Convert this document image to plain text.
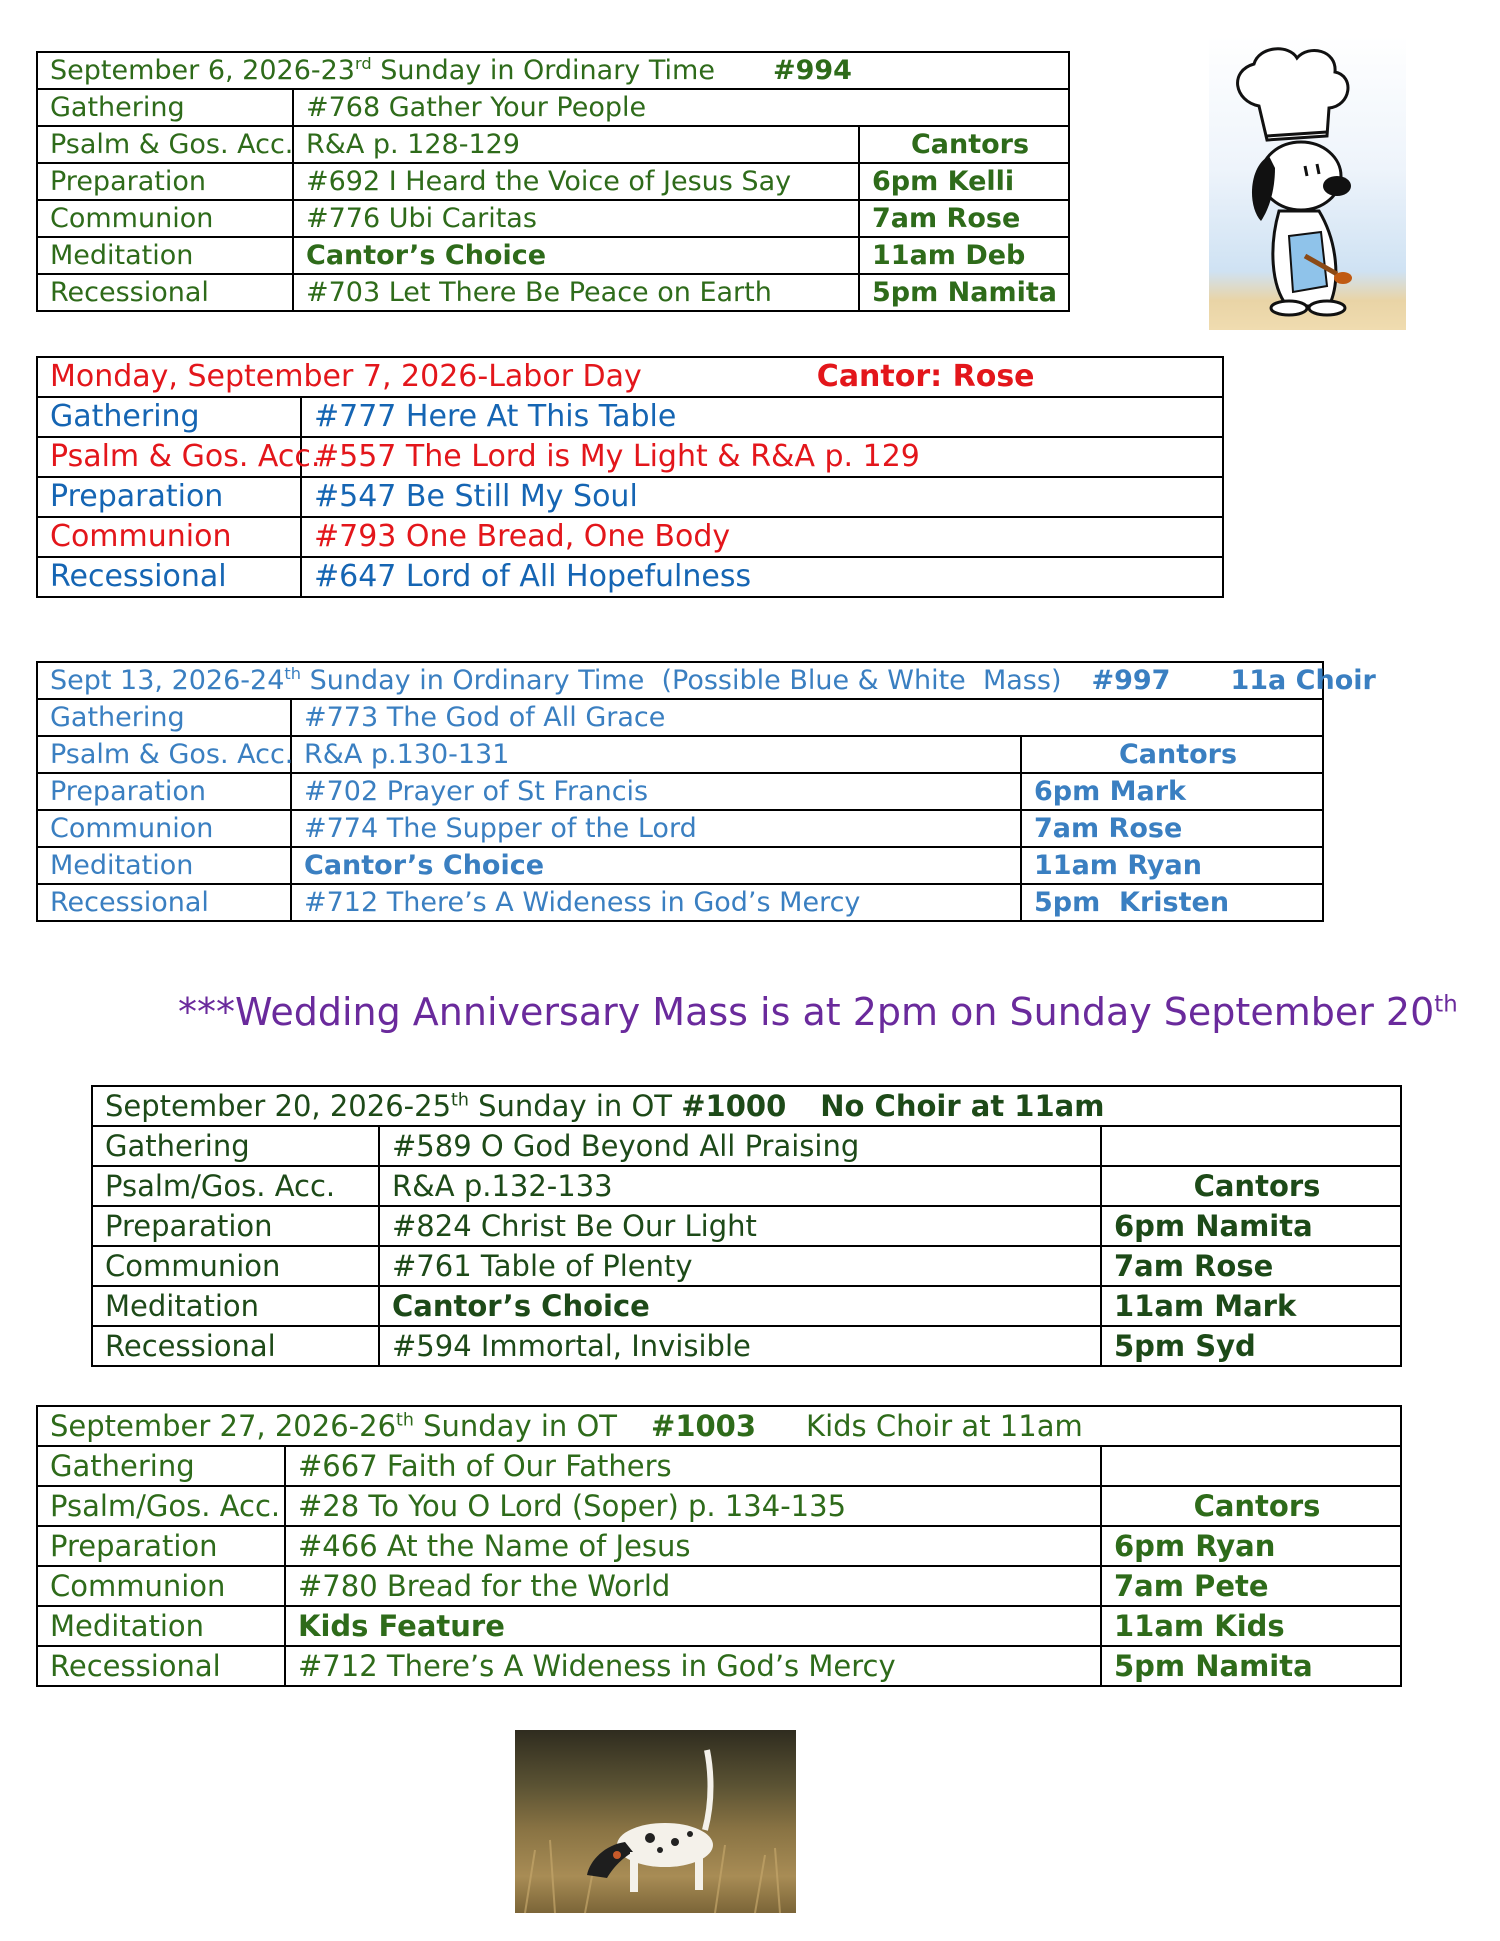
September 6, 2026-23rd Sunday in Ordinary Time #994		
Gathering	#768 Gather Your People	
Psalm & Gos. Acc.	R&A p. 128-129	Cantors
Preparation	#692 I Heard the Voice of Jesus Say	6pm Kelli
Communion	#776 Ubi Caritas	7am Rose
Meditation	Cantor’s Choice	11am Deb
Recessional	#703 Let There Be Peace on Earth	5pm Namita
Monday, September 7, 2026-Labor Day Cantor: Rose	
Gathering	#777 Here At This Table
Psalm & Gos. Acc.	#557 The Lord is My Light & R&A p. 129
Preparation	#547 Be Still My Soul
Communion	#793 One Bread, One Body
Recessional	#647 Lord of All Hopefulness
Sept 13, 2026-24th Sunday in Ordinary Time  (Possible Blue & White  Mass) #997 11a Choir		
Gathering	#773 The God of All Grace	
Psalm & Gos. Acc.	R&A p.130-131	Cantors
Preparation	#702 Prayer of St Francis	6pm Mark
Communion	#774 The Supper of the Lord	7am Rose
Meditation	Cantor’s Choice	11am Ryan
Recessional	#712 There’s A Wideness in God’s Mercy	5pm  Kristen
***Wedding Anniversary Mass is at 2pm on Sunday September 20th
September 20, 2026-25th Sunday in OT #1000 No Choir at 11am		
Gathering	#589 O God Beyond All Praising	
Psalm/Gos. Acc.	R&A p.132-133	Cantors
Preparation	#824 Christ Be Our Light	6pm Namita
Communion	#761 Table of Plenty	7am Rose
Meditation	Cantor’s Choice	11am Mark
Recessional	#594 Immortal, Invisible	5pm Syd
September 27, 2026-26th Sunday in OT #1003 Kids Choir at 11am		
Gathering	#667 Faith of Our Fathers	
Psalm/Gos. Acc.	#28 To You O Lord (Soper) p. 134-135	Cantors
Preparation	#466 At the Name of Jesus	6pm Ryan
Communion	#780 Bread for the World	7am Pete
Meditation	Kids Feature	11am Kids
Recessional	#712 There’s A Wideness in God’s Mercy	5pm Namita
